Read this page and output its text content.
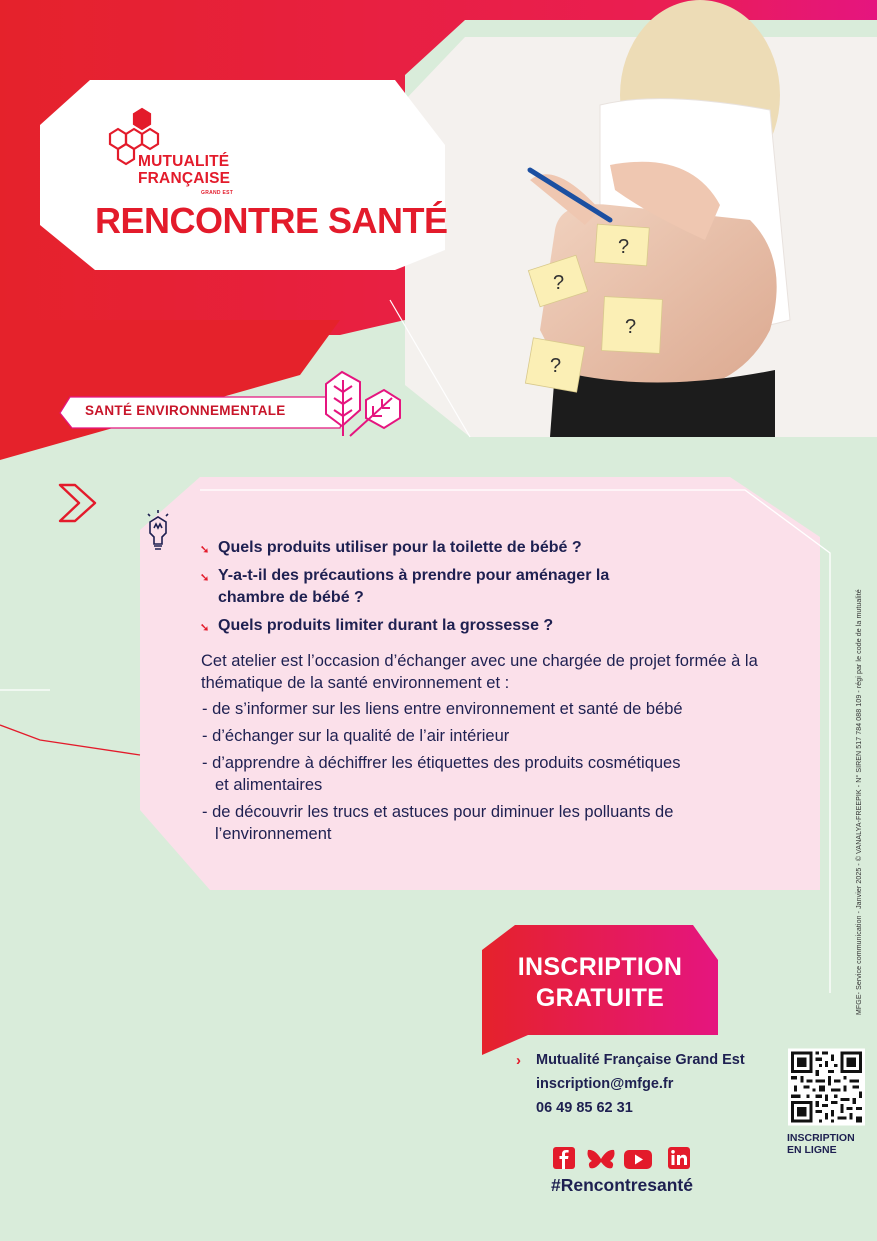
?
?
?
?
MUTUALITÉ
FRANÇAISE
GRAND EST
RENCONTRE SANTÉ
SANTÉ ENVIRONNEMENTALE
➘ Quels produits utiliser pour la toilette de bébé ?
➘ Y-a-t-il des précautions à prendre pour aménager la chambre de bébé ?
➘ Quels produits limiter durant la grossesse ?
Cet atelier est l’occasion d’échanger avec une chargée de projet formée à la thématique de la santé environnement et :
- de s’informer sur les liens entre environnement et santé de bébé
- d’échanger sur la qualité de l’air intérieur
- d’apprendre à déchiffrer les étiquettes des produits cosmétiques et alimentaires
- de découvrir les trucs et astuces pour diminuer les polluants de l’environnement
INSCRIPTION
GRATUITE
› Mutualité Française Grand Est
inscription@mfge.fr
06 49 85 62 31
INSCRIPTION
EN LIGNE
#Rencontresanté
MFGE- Service communication - Janvier 2025 - © VANALYA-FREEPIK - N° SIREN 517 784 088 109 - régi par le code de la mutualité
